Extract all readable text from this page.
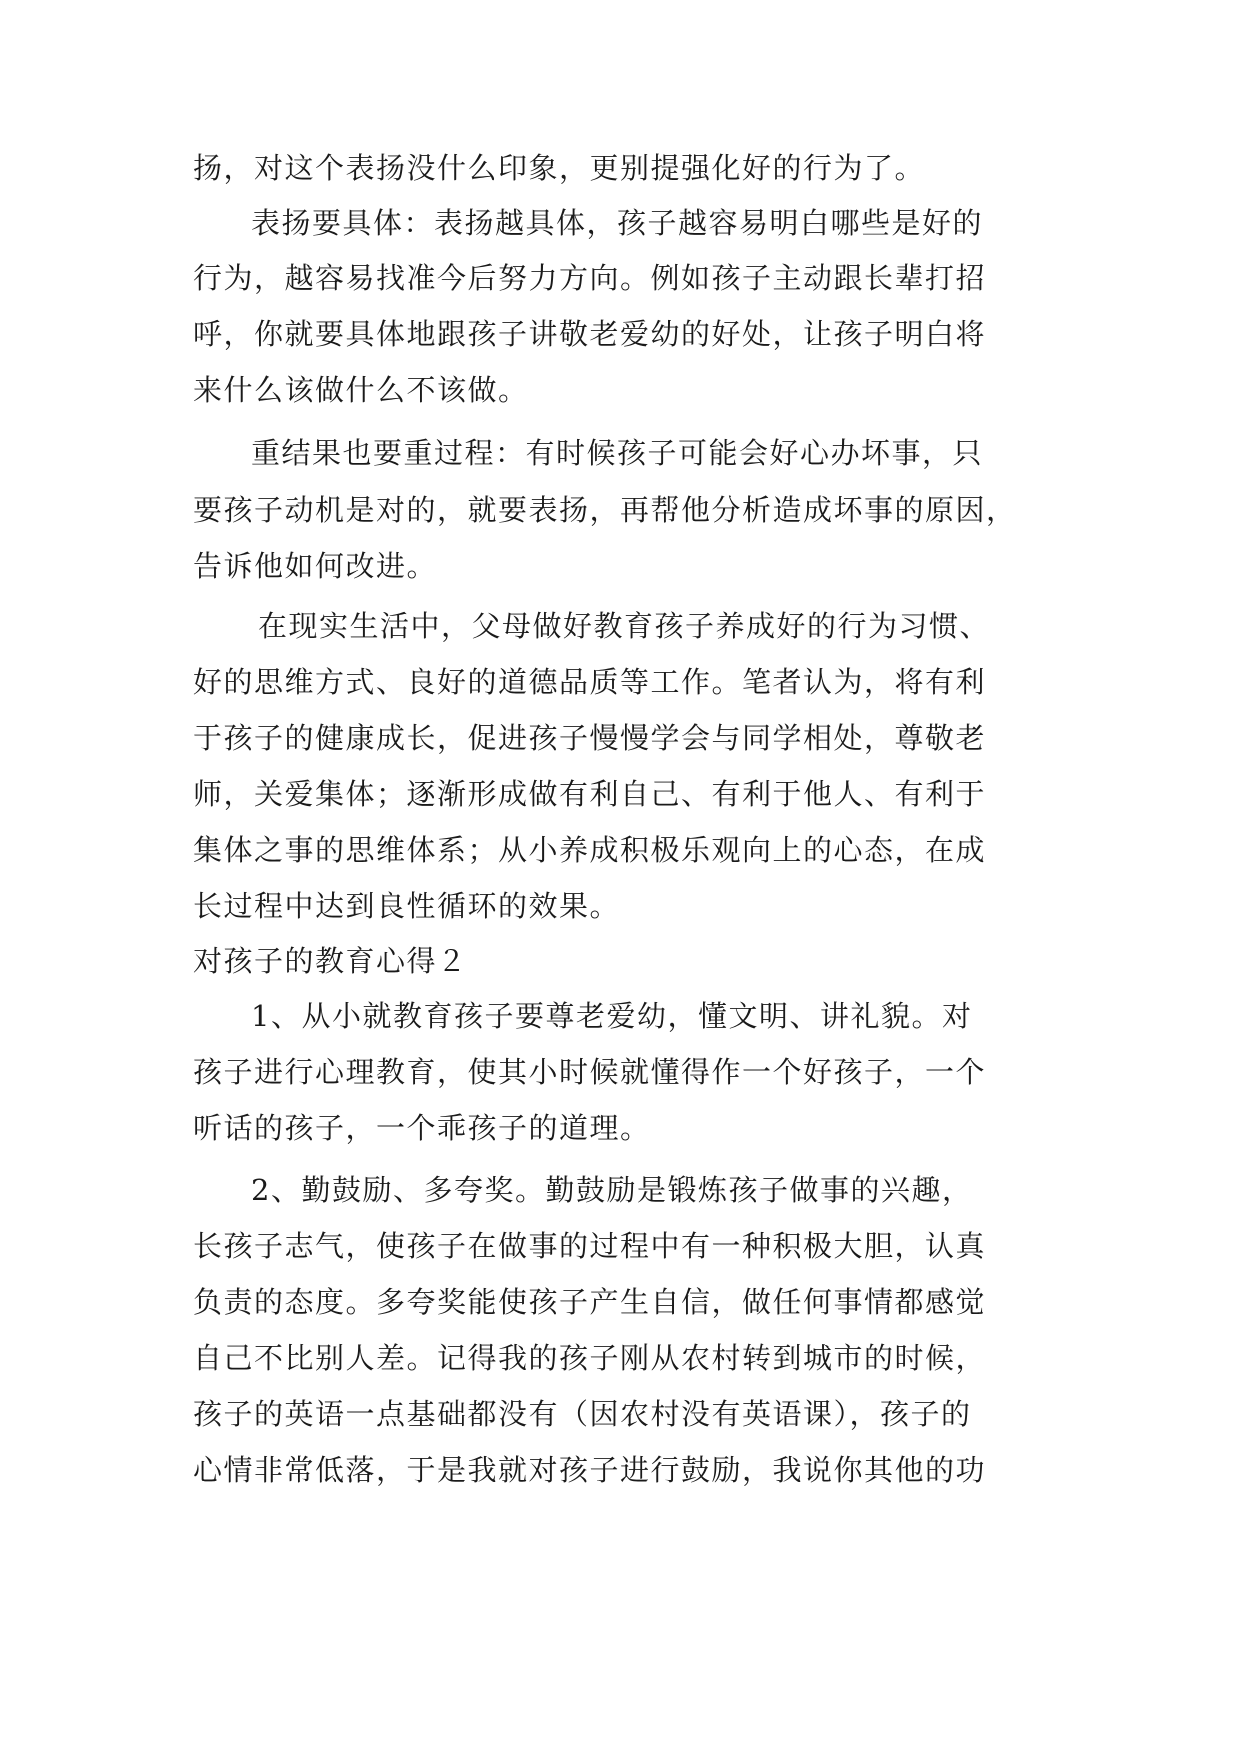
扬，对这个表扬没什么印象，更别提强化好的行为了。
表扬要具体：表扬越具体，孩子越容易明白哪些是好的
行为，越容易找准今后努力方向。例如孩子主动跟长辈打招
呼，你就要具体地跟孩子讲敬老爱幼的好处，让孩子明白将
来什么该做什么不该做。
重结果也要重过程：有时候孩子可能会好心办坏事，只
要孩子动机是对的，就要表扬，再帮他分析造成坏事的原因，
告诉他如何改进。
在现实生活中，父母做好教育孩子养成好的行为习惯、
好的思维方式、良好的道德品质等工作。笔者认为，将有利
于孩子的健康成长，促进孩子慢慢学会与同学相处，尊敬老
师，关爱集体；逐渐形成做有利自己、有利于他人、有利于
集体之事的思维体系；从小养成积极乐观向上的心态，在成
长过程中达到良性循环的效果。
对孩子的教育心得２
1、从小就教育孩子要尊老爱幼，懂文明、讲礼貌。对
孩子进行心理教育，使其小时候就懂得作一个好孩子，一个
听话的孩子，一个乖孩子的道理。
2、勤鼓励、多夸奖。勤鼓励是锻炼孩子做事的兴趣，
长孩子志气，使孩子在做事的过程中有一种积极大胆，认真
负责的态度。多夸奖能使孩子产生自信，做任何事情都感觉
自己不比别人差。记得我的孩子刚从农村转到城市的时候，
孩子的英语一点基础都没有（因农村没有英语课），孩子的
心情非常低落，于是我就对孩子进行鼓励，我说你其他的功
